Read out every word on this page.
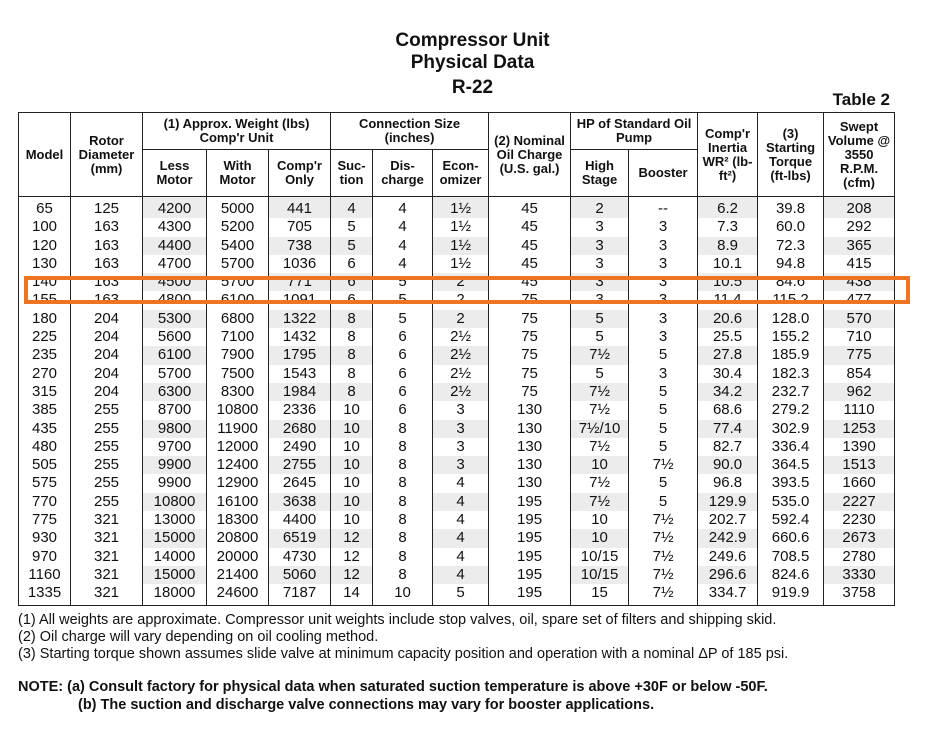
Compressor Unit
Physical Data
R-22
Table 2
Model	Rotor Diameter (mm)	(1) Approx. Weight (lbs) Comp'r Unit			Connection Size (inches)			(2) Nominal Oil Charge (U.S. gal.)	HP of Standard Oil Pump		Comp'r Inertia WR² (lb-ft²)	(3) Starting Torque (ft-lbs)	Swept Volume @ 3550 R.P.M. (cfm)
		Less Motor	With Motor	Comp'r Only	Suc- tion	Dis- charge	Econ- omizer		High Stage	Booster			
65	125	4200	5000	441	4	4	1½	45	2	--	6.2	39.8	208
100	163	4300	5200	705	5	4	1½	45	3	3	7.3	60.0	292
120	163	4400	5400	738	5	4	1½	45	3	3	8.9	72.3	365
130	163	4700	5700	1036	6	4	1½	45	3	3	10.1	94.8	415
140	163	4500	5700	771	6	5	2	45	3	3	10.5	84.6	438
155	163	4800	6100	1091	6	5	2	75	3	3	11.4	115.2	477
180	204	5300	6800	1322	8	5	2	75	5	3	20.6	128.0	570
225	204	5600	7100	1432	8	6	2½	75	5	3	25.5	155.2	710
235	204	6100	7900	1795	8	6	2½	75	7½	5	27.8	185.9	775
270	204	5700	7500	1543	8	6	2½	75	5	3	30.4	182.3	854
315	204	6300	8300	1984	8	6	2½	75	7½	5	34.2	232.7	962
385	255	8700	10800	2336	10	6	3	130	7½	5	68.6	279.2	1110
435	255	9800	11900	2680	10	8	3	130	7½/10	5	77.4	302.9	1253
480	255	9700	12000	2490	10	8	3	130	7½	5	82.7	336.4	1390
505	255	9900	12400	2755	10	8	3	130	10	7½	90.0	364.5	1513
575	255	9900	12900	2645	10	8	4	130	7½	5	96.8	393.5	1660
770	255	10800	16100	3638	10	8	4	195	7½	5	129.9	535.0	2227
775	321	13000	18300	4400	10	8	4	195	10	7½	202.7	592.4	2230
930	321	15000	20800	6519	12	8	4	195	10	7½	242.9	660.6	2673
970	321	14000	20000	4730	12	8	4	195	10/15	7½	249.6	708.5	2780
1160	321	15000	21400	5060	12	8	4	195	10/15	7½	296.6	824.6	3330
1335	321	18000	24600	7187	14	10	5	195	15	7½	334.7	919.9	3758
(1) All weights are approximate. Compressor unit weights include stop valves, oil, spare set of filters and shipping skid.
(2) Oil charge will vary depending on oil cooling method.
(3) Starting torque shown assumes slide valve at minimum capacity position and operation with a nominal ΔP of 185 psi.
NOTE: (a) Consult factory for physical data when saturated suction temperature is above +30F or below -50F.
(b) The suction and discharge valve connections may vary for booster applications.
